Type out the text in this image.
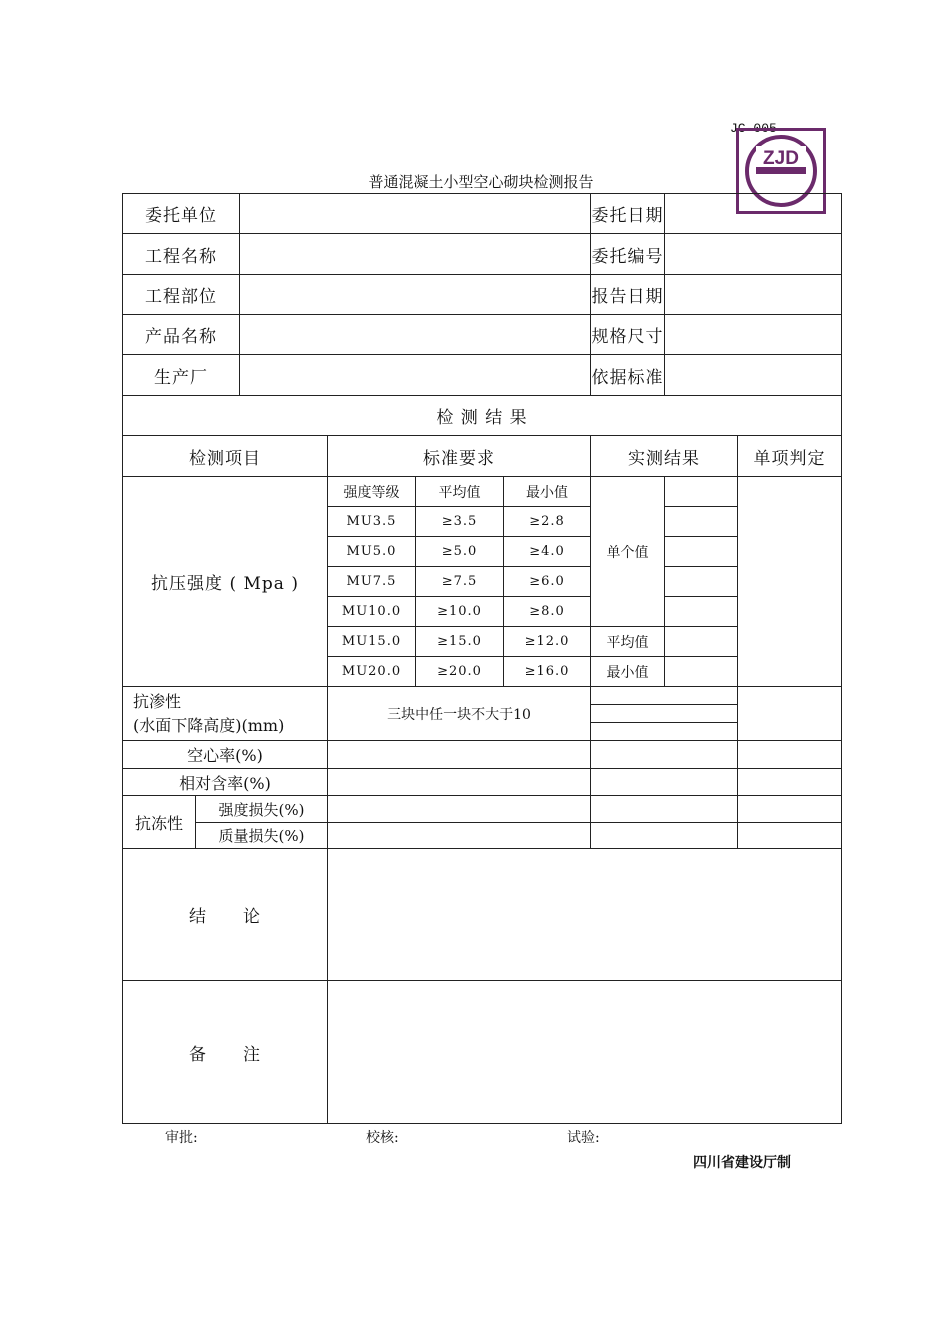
JC-005
ZJD
普通混凝土小型空心砌块检测报告
委托单位						委托日期		
工程名称						委托编号		
工程部位						报告日期		
产品名称						规格尺寸		
生产厂						依据标准		
检 测 结 果								
检测项目			标准要求			实测结果		单项判定
抗压强度 ( Mpa )			强度等级	平均值	最小值	单个值		
			MU3.5	≥3.5	≥2.8			
			MU5.0	≥5.0	≥4.0			
			MU7.5	≥7.5	≥6.0			
			MU10.0	≥10.0	≥8.0			
			MU15.0	≥15.0	≥12.0	平均值		
			MU20.0	≥20.0	≥16.0	最小值		

抗渗性
(水面下降高度)(mm)			三块中任一块不大于10					

空心率(%)								
相对含率(%)								
抗冻性	强度损失(%)							
	质量损失(%)							
结　　论								
备　　注								
审批:	校核:	试验:
四川省建设厅制
